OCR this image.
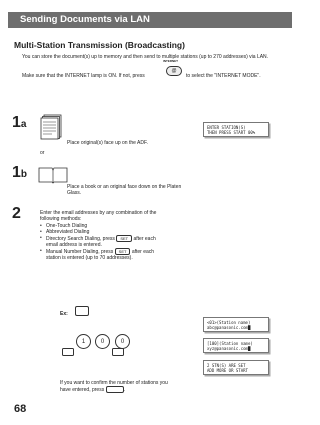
Sending Documents via LAN
Multi-Station Transmission (Broadcasting)
You can store the document(s) up to memory and then send to multiple stations (up to 270 addresses) via LAN.
Make sure that the INTERNET lamp is ON. If not, press
INTERNET
@
to select the "INTERNET MODE".
1a
Place original(s) face up on the ADF.
or
ENTER STATION(S)
THEN PRESS START 00%
1b
Place a book or an original face down on the Platen Glass.
2	Enter the email addresses by any combination of the following methods:
• One-Touch Dialing
• Abbreviated Dialing
• Directory Search Dialing, press SET after each email address is entered.
• Manual Number Dialing, press SET after each station is entered (up to 70 addresses).
Ex:
1	0	0
If you want to confirm the number of stations you have entered, press	.
<01>(Station name)
abc@panasonic.com█
[100](Station name)
xyz@panasonic.com█
2 STN(S) ARE SET
ADD MORE OR START
68
